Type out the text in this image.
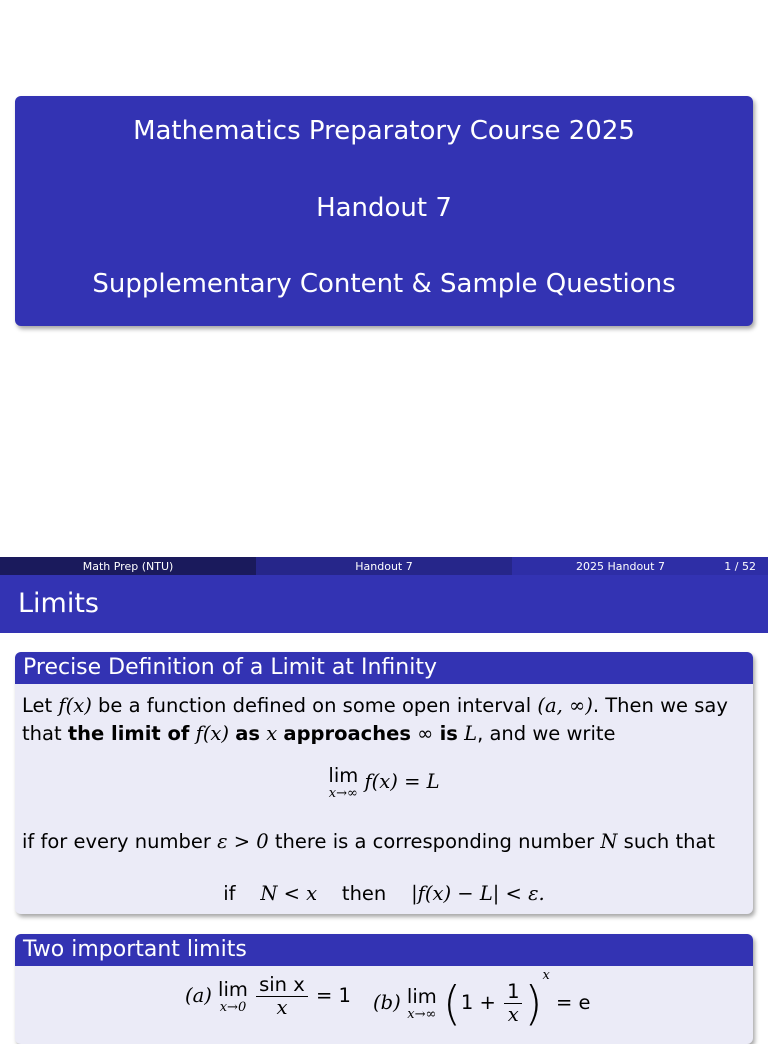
Mathematics Preparatory Course 2025
Handout 7
Supplementary Content & Sample Questions
Math Prep (NTU)	Handout 7	2025 Handout 7	1 / 52
Limits
Precise Definition of a Limit at Infinity
Let f(x) be a function defined on some open interval (a, ∞). Then we say
that the limit of f(x) as x approaches ∞ is L, and we write
lim
x→∞
f(x) = L
if for every number ε > 0 there is a corresponding number N such that
if N < x then |f(x) − L| < ε.
Two important limits
(a) lim
x→0
$\frac{\text{sin x}}{x} = 1$ (b) lim
x→∞ $(1 + \frac{1}{x} )^x = e$
